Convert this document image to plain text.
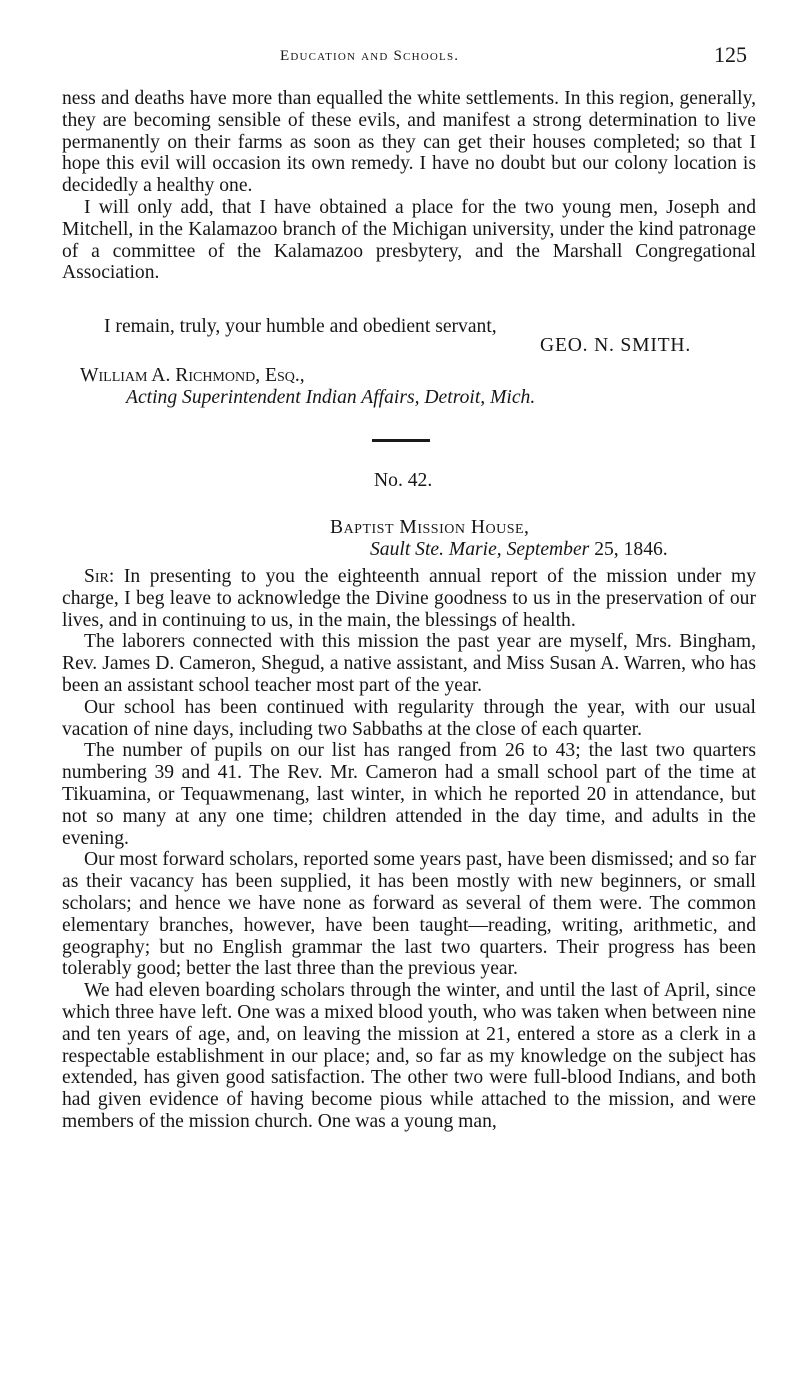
Education and Schools.	125

ness and deaths have more than equalled the white settlements. In this region, generally, they are becoming sensible of these evils, and manifest a strong determination to live permanently on their farms as soon as they can get their houses completed; so that I hope this evil will occasion its own remedy. I have no doubt but our colony location is decidedly a healthy one.

I will only add, that I have obtained a place for the two young men, Joseph and Mitchell, in the Kalamazoo branch of the Michigan university, under the kind patronage of a committee of the Kalamazoo presbytery, and the Marshall Congregational Association.

I remain, truly, your humble and obedient servant,
GEO. N. SMITH.
William A. Richmond, Esq.,
Acting Superintendent Indian Affairs, Detroit, Mich.
No. 42.
Baptist Mission House,
Sault Ste. Marie, September 25, 1846.

Sir: In presenting to you the eighteenth annual report of the mission under my charge, I beg leave to acknowledge the Divine goodness to us in the preservation of our lives, and in continuing to us, in the main, the blessings of health.

The laborers connected with this mission the past year are myself, Mrs. Bingham, Rev. James D. Cameron, Shegud, a native assistant, and Miss Susan A. Warren, who has been an assistant school teacher most part of the year.

Our school has been continued with regularity through the year, with our usual vacation of nine days, including two Sabbaths at the close of each quarter.

The number of pupils on our list has ranged from 26 to 43; the last two quarters numbering 39 and 41. The Rev. Mr. Cameron had a small school part of the time at Tikuamina, or Tequawmenang, last winter, in which he reported 20 in attendance, but not so many at any one time; children attended in the day time, and adults in the evening.

Our most forward scholars, reported some years past, have been dismissed; and so far as their vacancy has been supplied, it has been mostly with new beginners, or small scholars; and hence we have none as forward as several of them were. The common elementary branches, however, have been taught—reading, writing, arithmetic, and geography; but no English grammar the last two quarters. Their progress has been tolerably good; better the last three than the previous year.

We had eleven boarding scholars through the winter, and until the last of April, since which three have left. One was a mixed blood youth, who was taken when between nine and ten years of age, and, on leaving the mission at 21, entered a store as a clerk in a respectable establishment in our place; and, so far as my knowledge on the subject has extended, has given good satisfaction. The other two were full-blood Indians, and both had given evidence of having become pious while attached to the mission, and were members of the mission church. One was a young man,
